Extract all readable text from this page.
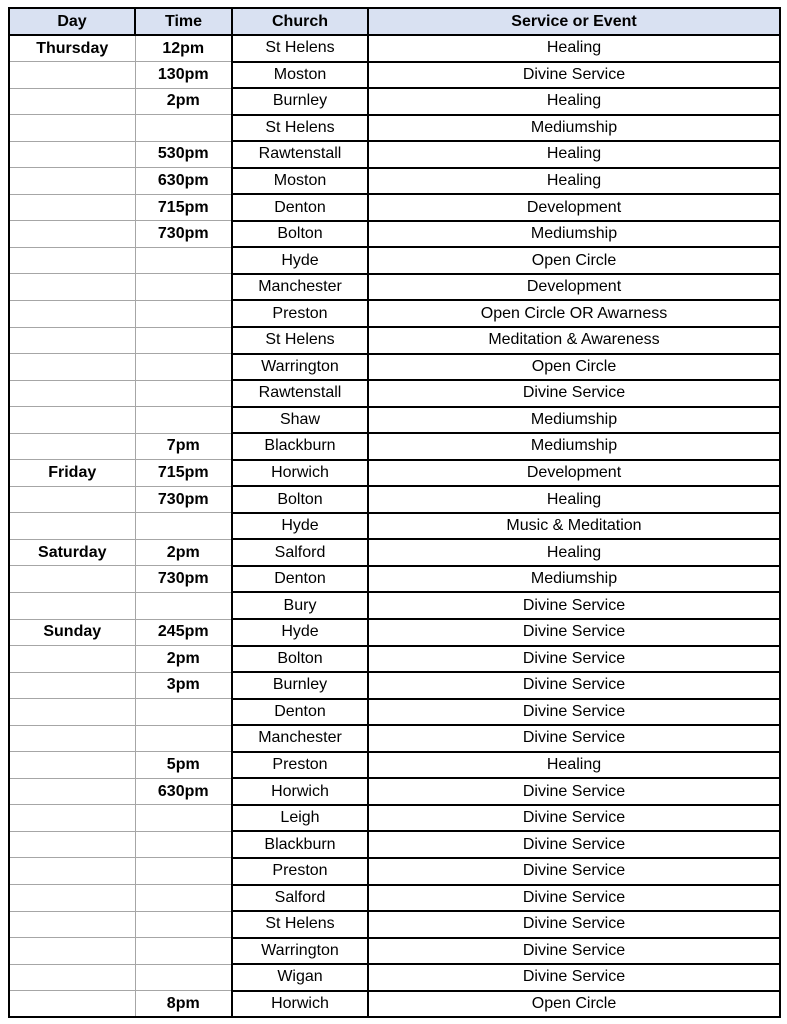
Day	Time	Church	Service or Event
Thursday	12pm	St Helens	Healing
	130pm	Moston	Divine Service
	2pm	Burnley	Healing
		St Helens	Mediumship
	530pm	Rawtenstall	Healing
	630pm	Moston	Healing
	715pm	Denton	Development
	730pm	Bolton	Mediumship
		Hyde	Open Circle
		Manchester	Development
		Preston	Open Circle OR Awarness
		St Helens	Meditation & Awareness
		Warrington	Open Circle
		Rawtenstall	Divine Service
		Shaw	Mediumship
	7pm	Blackburn	Mediumship
Friday	715pm	Horwich	Development
	730pm	Bolton	Healing
		Hyde	Music & Meditation
Saturday	2pm	Salford	Healing
	730pm	Denton	Mediumship
		Bury	Divine Service
Sunday	245pm	Hyde	Divine Service
	2pm	Bolton	Divine Service
	3pm	Burnley	Divine Service
		Denton	Divine Service
		Manchester	Divine Service
	5pm	Preston	Healing
	630pm	Horwich	Divine Service
		Leigh	Divine Service
		Blackburn	Divine Service
		Preston	Divine Service
		Salford	Divine Service
		St Helens	Divine Service
		Warrington	Divine Service
		Wigan	Divine Service
	8pm	Horwich	Open Circle
